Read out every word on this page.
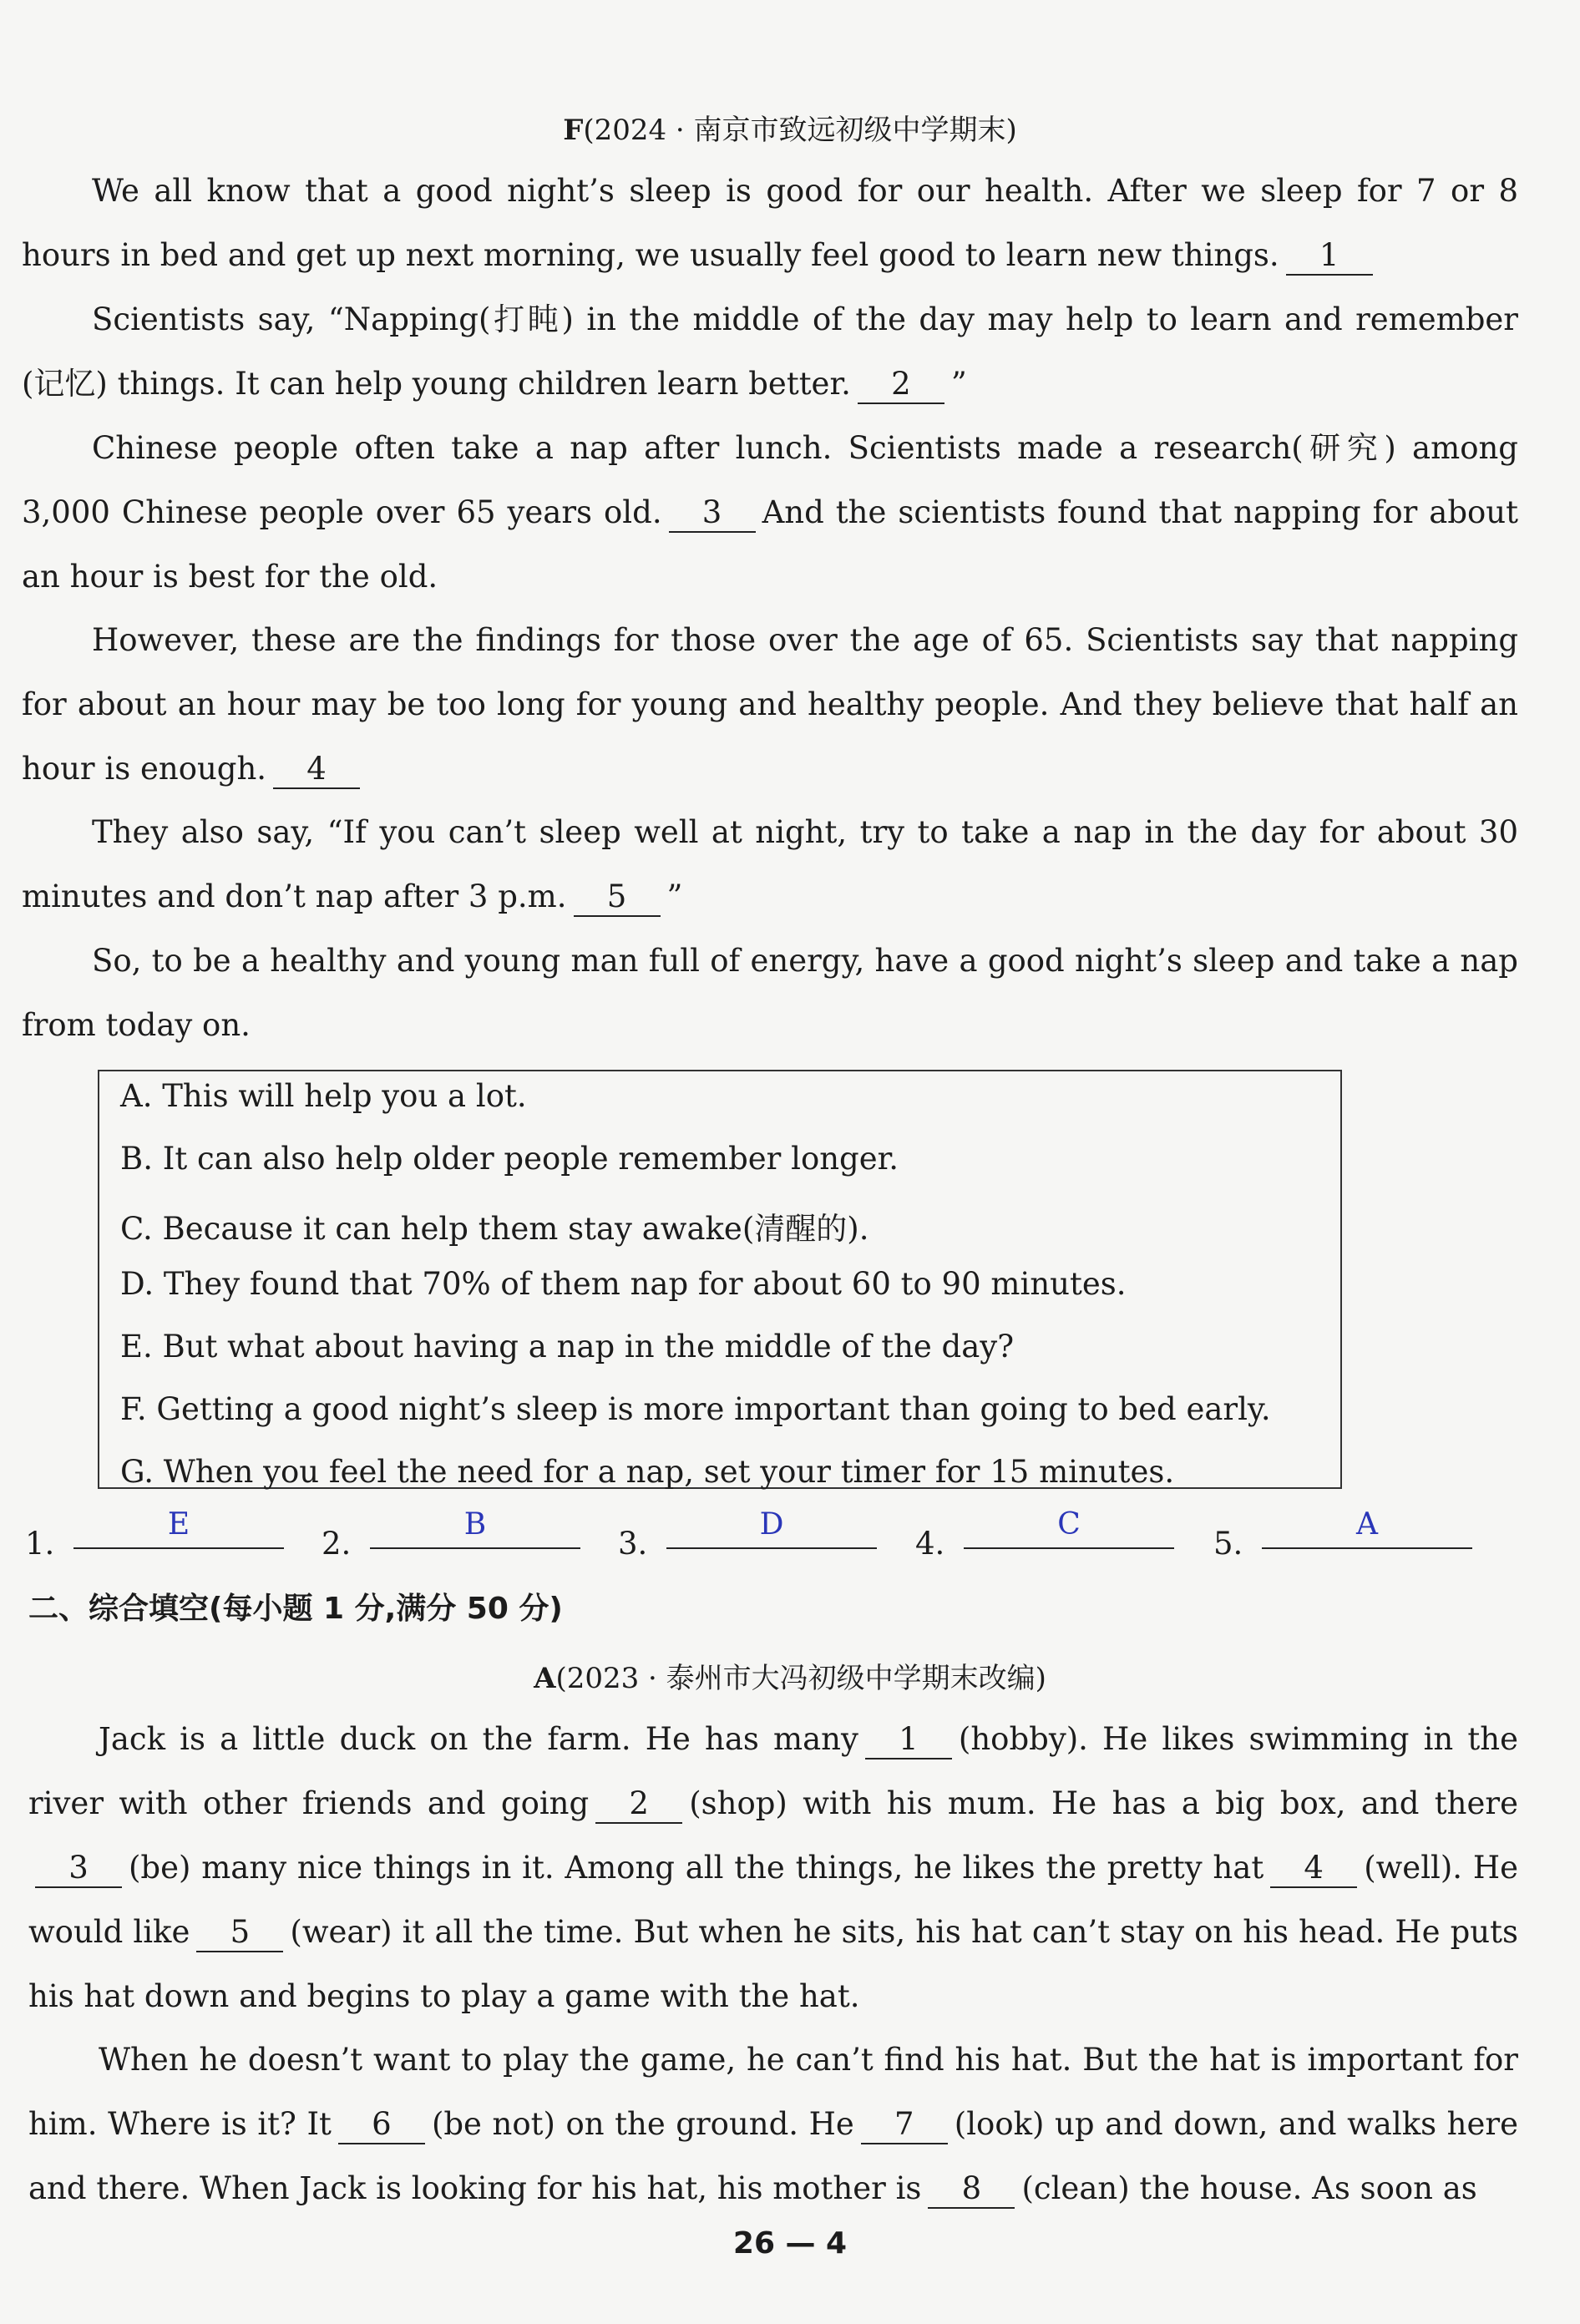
F(2024 · 南京市致远初级中学期末)
We all know that a good night’s sleep is good for our health. After we sleep for 7 or 8 hours in bed and get up next morning, we usually feel good to learn new things. 1
Scientists say, “Napping(打盹) in the middle of the day may help to learn and remember (记忆) things. It can help young children learn better. 2 ”
Chinese people often take a nap after lunch. Scientists made a research(研究) among 3,000 Chinese people over 65 years old. 3 And the scientists found that napping for about an hour is best for the old.
However, these are the findings for those over the age of 65. Scientists say that napping for about an hour may be too long for young and healthy people. And they believe that half an hour is enough. 4
They also say, “If you can’t sleep well at night, try to take a nap in the day for about 30 minutes and don’t nap after 3 p.m. 5 ”
So, to be a healthy and young man full of energy, have a good night’s sleep and take a nap from today on.
A. This will help you a lot.
B. It can also help older people remember longer.
C. Because it can help them stay awake(清醒的).
D. They found that 70% of them nap for about 60 to 90 minutes.
E. But what about having a nap in the middle of the day?
F. Getting a good night’s sleep is more important than going to bed early.
G. When you feel the need for a nap, set your timer for 15 minutes.
1.
E
2.
B
3.
D
4.
C
5.
A
二、综合填空(每小题 1 分,满分 50 分)
A(2023 · 泰州市大冯初级中学期末改编)
Jack is a little duck on the farm. He has many 1 (hobby). He likes swimming in the river with other friends and going 2 (shop) with his mum. He has a big box, and there3 (be) many nice things in it. Among all the things, he likes the pretty hat 4 (well). He would like 5 (wear) it all the time. But when he sits, his hat can’t stay on his head. He puts his hat down and begins to play a game with the hat.
When he doesn’t want to play the game, he can’t find his hat. But the hat is important for him. Where is it? It 6 (be not) on the ground. He 7 (look) up and down, and walks here and there. When Jack is looking for his hat, his mother is 8 (clean) the house. As soon as
26 — 4
